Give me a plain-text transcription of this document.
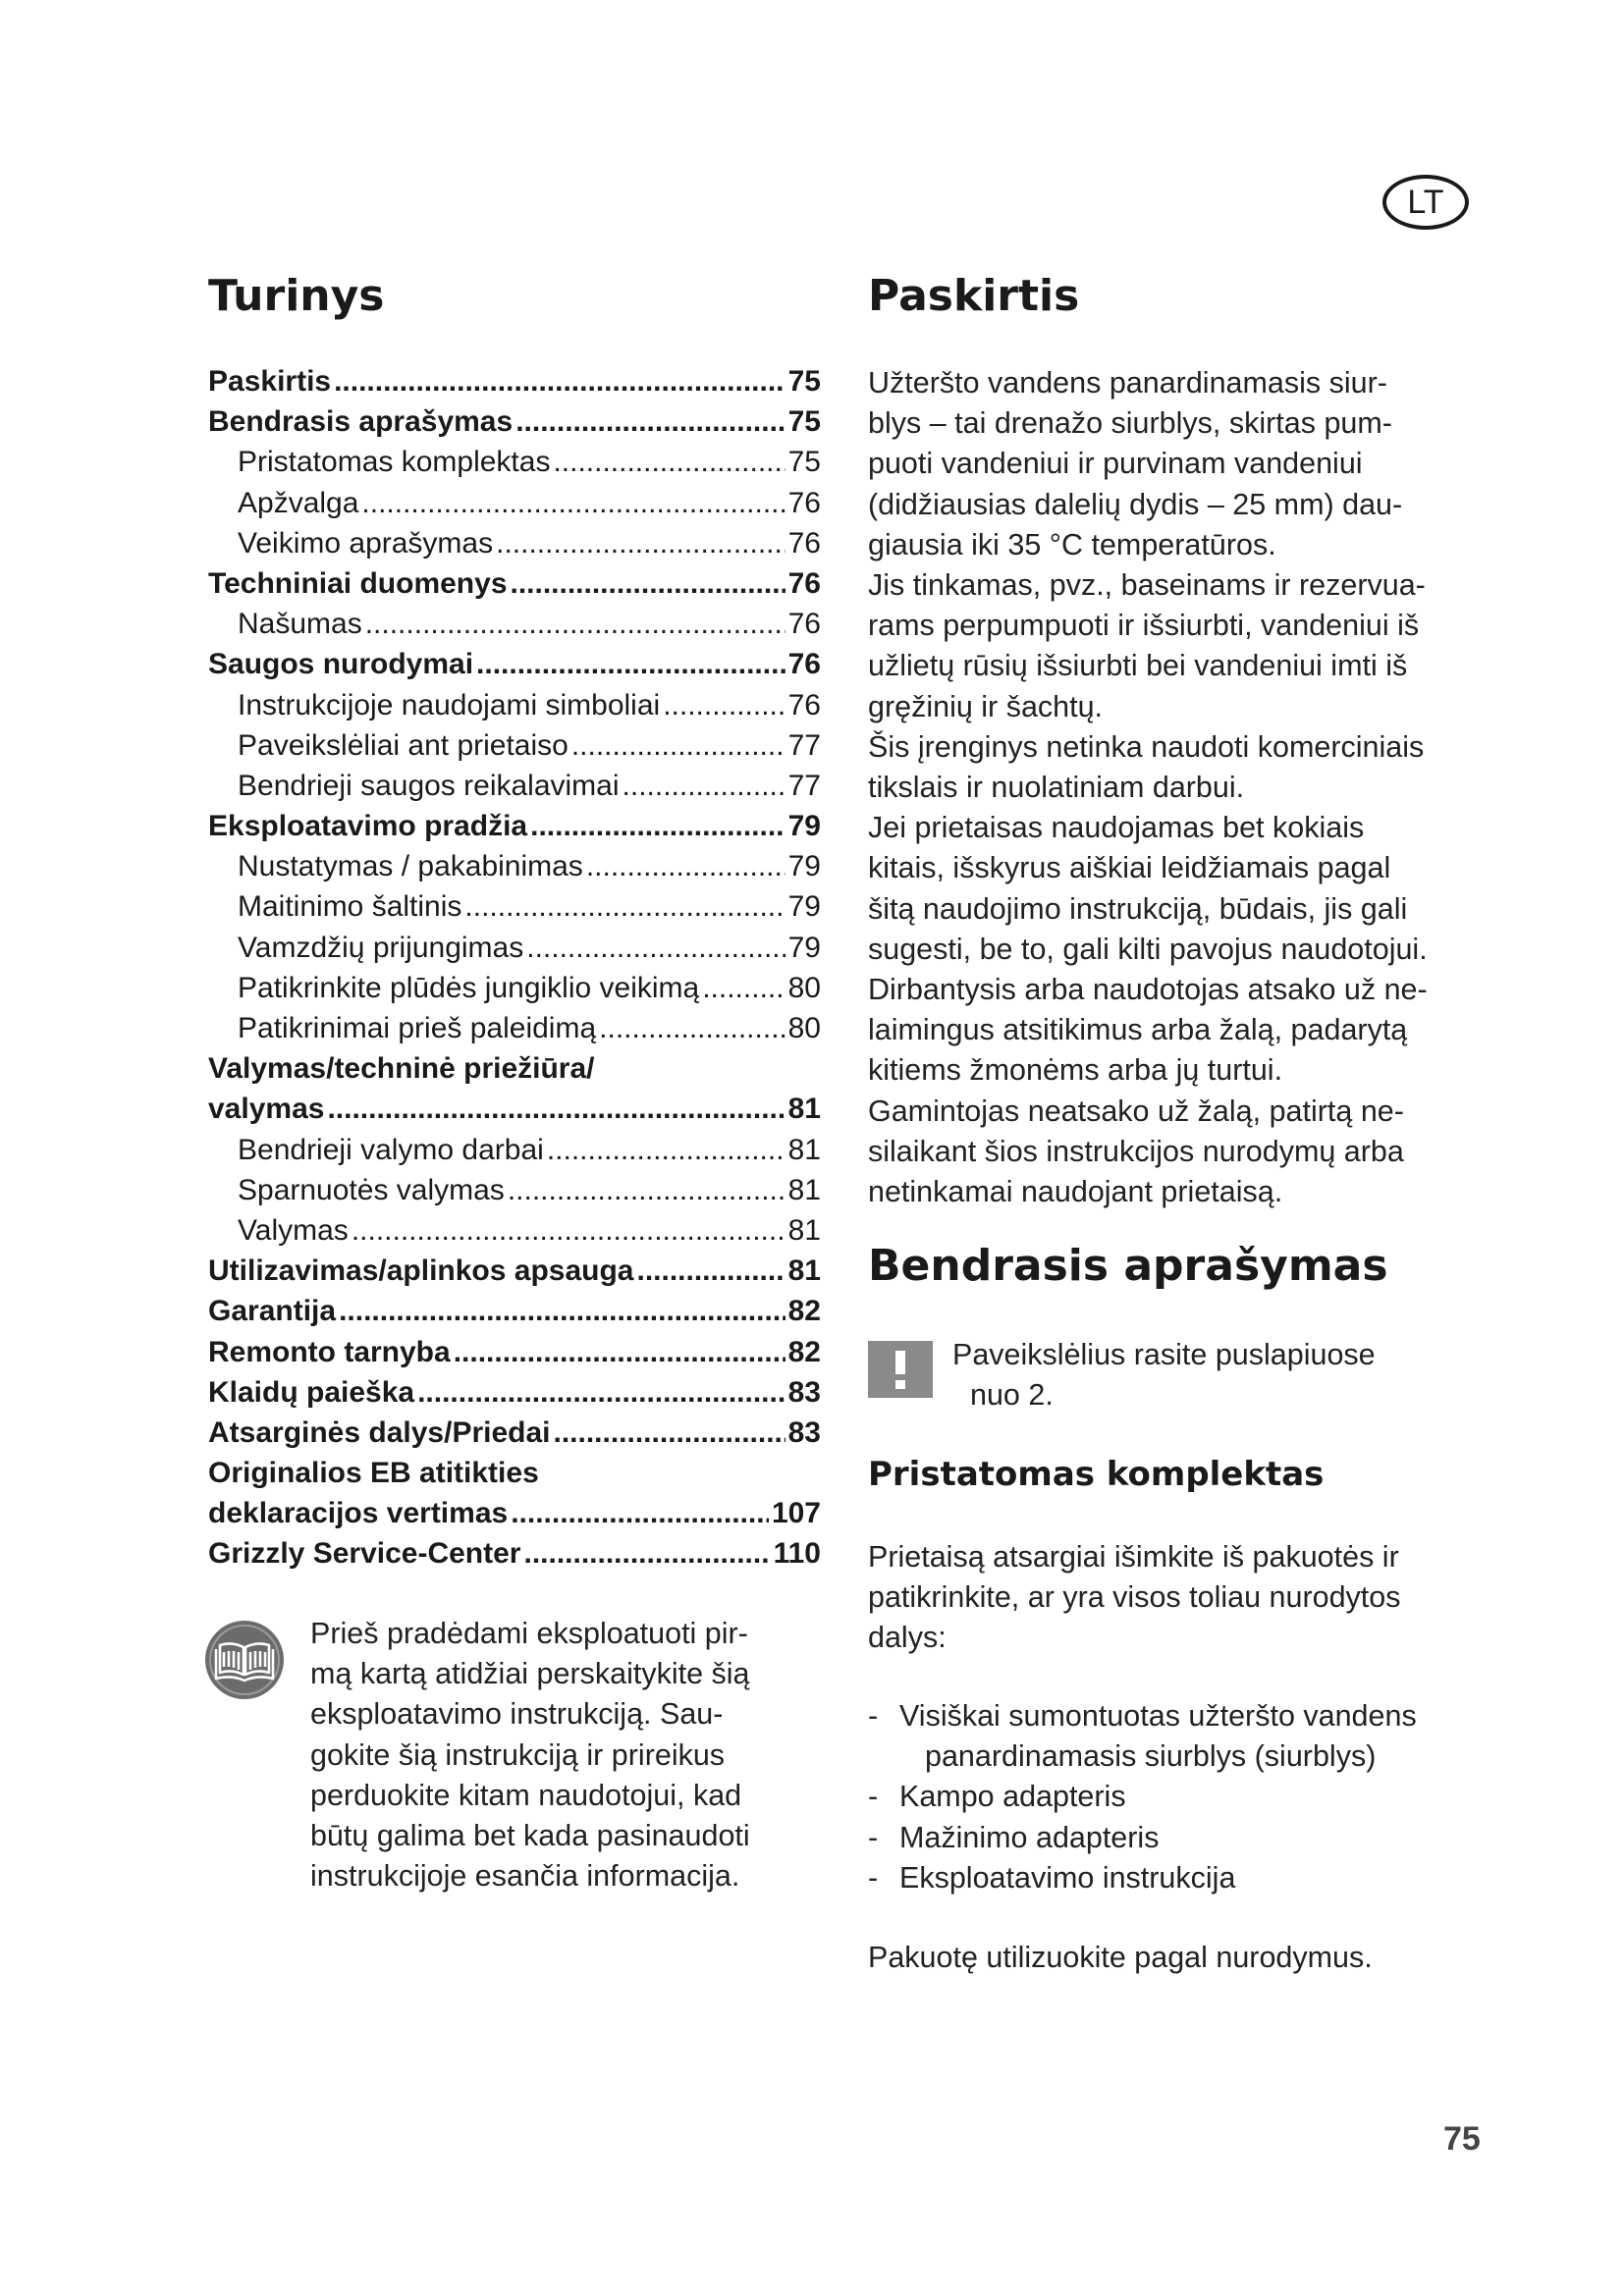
LT
Turinys
Paskirtis .....	75
Bendrasis aprašymas .....	75
Pristatomas komplektas .....	75
Apžvalga .....	76
Veikimo aprašymas .....	76
Techniniai duomenys .....	76
Našumas .....	76
Saugos nurodymai .....	76
Instrukcijoje naudojami simboliai .....	76
Paveikslėliai ant prietaiso .....	77
Bendrieji saugos reikalavimai .....	77
Eksploatavimo pradžia .....	79
Nustatymas / pakabinimas .....	79
Maitinimo šaltinis .....	79
Vamzdžių prijungimas .....	79
Patikrinkite plūdės jungiklio veikimą .....	80
Patikrinimai prieš paleidimą .....	80
Valymas/techninė priežiūra/
valymas .....	81
Bendrieji valymo darbai .....	81
Sparnuotės valymas .....	81
Valymas .....	81
Utilizavimas/aplinkos apsauga .....	81
Garantija .....	82
Remonto tarnyba .....	82
Klaidų paieška .....	83
Atsarginės dalys/Priedai .....	83
Originalios EB atitikties
deklaracijos vertimas .....	107
Grizzly Service-Center .....	110
Prieš pradėdami eksploatuoti pir-
mą kartą atidžiai perskaitykite šią
eksploatavimo instrukciją. Sau-
gokite šią instrukciją ir prireikus
perduokite kitam naudotojui, kad
būtų galima bet kada pasinaudoti
instrukcijoje esančia informacija.
Paskirtis
Užteršto vandens panardinamasis siur-
blys – tai drenažo siurblys, skirtas pum-
puoti vandeniui ir purvinam vandeniui
(didžiausias dalelių dydis – 25 mm) dau-
giausia iki 35 °C temperatūros.
Jis tinkamas, pvz., baseinams ir rezervua-
rams perpumpuoti ir išsiurbti, vandeniui iš
užlietų rūsių išsiurbti bei vandeniui imti iš
gręžinių ir šachtų.
Šis įrenginys netinka naudoti komerciniais
tikslais ir nuolatiniam darbui.
Jei prietaisas naudojamas bet kokiais
kitais, išskyrus aiškiai leidžiamais pagal
šitą naudojimo instrukciją, būdais, jis gali
sugesti, be to, gali kilti pavojus naudotojui.
Dirbantysis arba naudotojas atsako už ne-
laimingus atsitikimus arba žalą, padarytą
kitiems žmonėms arba jų turtui.
Gamintojas neatsako už žalą, patirtą ne-
silaikant šios instrukcijos nurodymų arba
netinkamai naudojant prietaisą.
Bendrasis aprašymas
Paveikslėlius rasite puslapiuose
nuo 2.
Pristatomas komplektas
Prietaisą atsargiai išimkite iš pakuotės ir
patikrinkite, ar yra visos toliau nurodytos
dalys:
- Visiškai sumontuotas užteršto vandens
panardinamasis siurblys (siurblys)
- Kampo adapteris
- Mažinimo adapteris
- Eksploatavimo instrukcija
Pakuotę utilizuokite pagal nurodymus.
75
